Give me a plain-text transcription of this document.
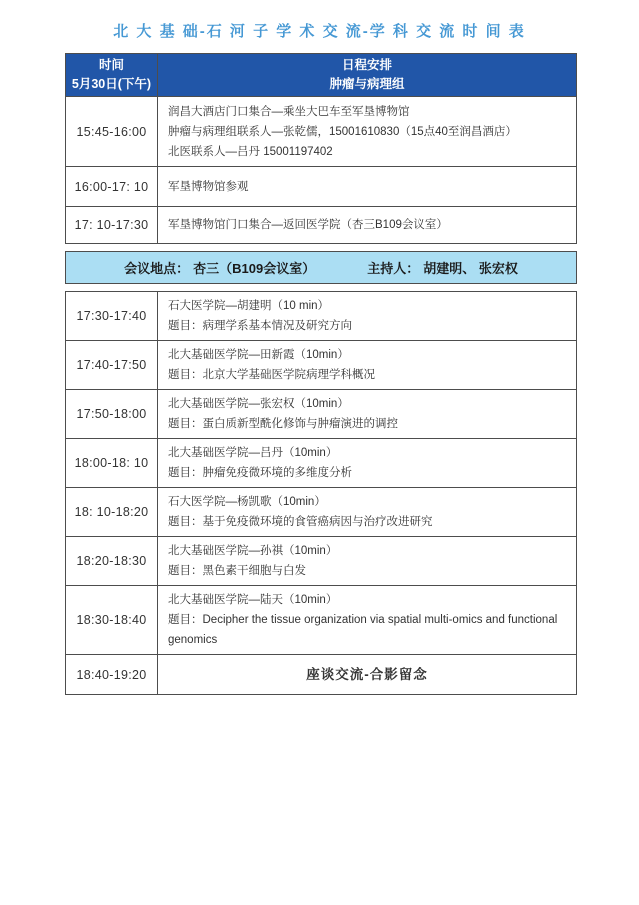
北 大 基 础-石 河 子 学 术 交 流-学 科 交 流 时 间 表
时间
5月30日(下午)

日程安排
肿瘤与病理组

15:45-16:00	润昌大酒店门口集合—乘坐大巴车至军垦博物馆
肿瘤与病理组联系人—张乾儒，15001610830（15点40至润昌酒店）
北医联系人—吕丹 15001197402

16:00-17: 10	军垦博物馆参观

17: 10-17:30	军垦博物馆门口集合—返回医学院（杏三B109会议室）
会议地点： 杏三（B109会议室）	主持人： 胡建明、 张宏权
17:30-17:40	石大医学院—胡建明（10 min）
题目：病理学系基本情况及研究方向

17:40-17:50	北大基础医学院—田新霞（10min）
题目：北京大学基础医学院病理学科概况

17:50-18:00	北大基础医学院—张宏权（10min）
题目：蛋白质新型酰化修饰与肿瘤演进的调控

18:00-18: 10	北大基础医学院—吕丹（10min）
题目：肿瘤免疫微环境的多维度分析

18: 10-18:20	石大医学院—杨凯歌（10min）
题目：基于免疫微环境的食管癌病因与治疗改进研究

18:20-18:30	北大基础医学院—孙祺（10min）
题目：黑色素干细胞与白发

18:30-18:40	北大基础医学院—陆天（10min）
题目：Decipher the tissue organization via spatial multi-omics and functional genomics

18:40-19:20	座谈交流-合影留念
